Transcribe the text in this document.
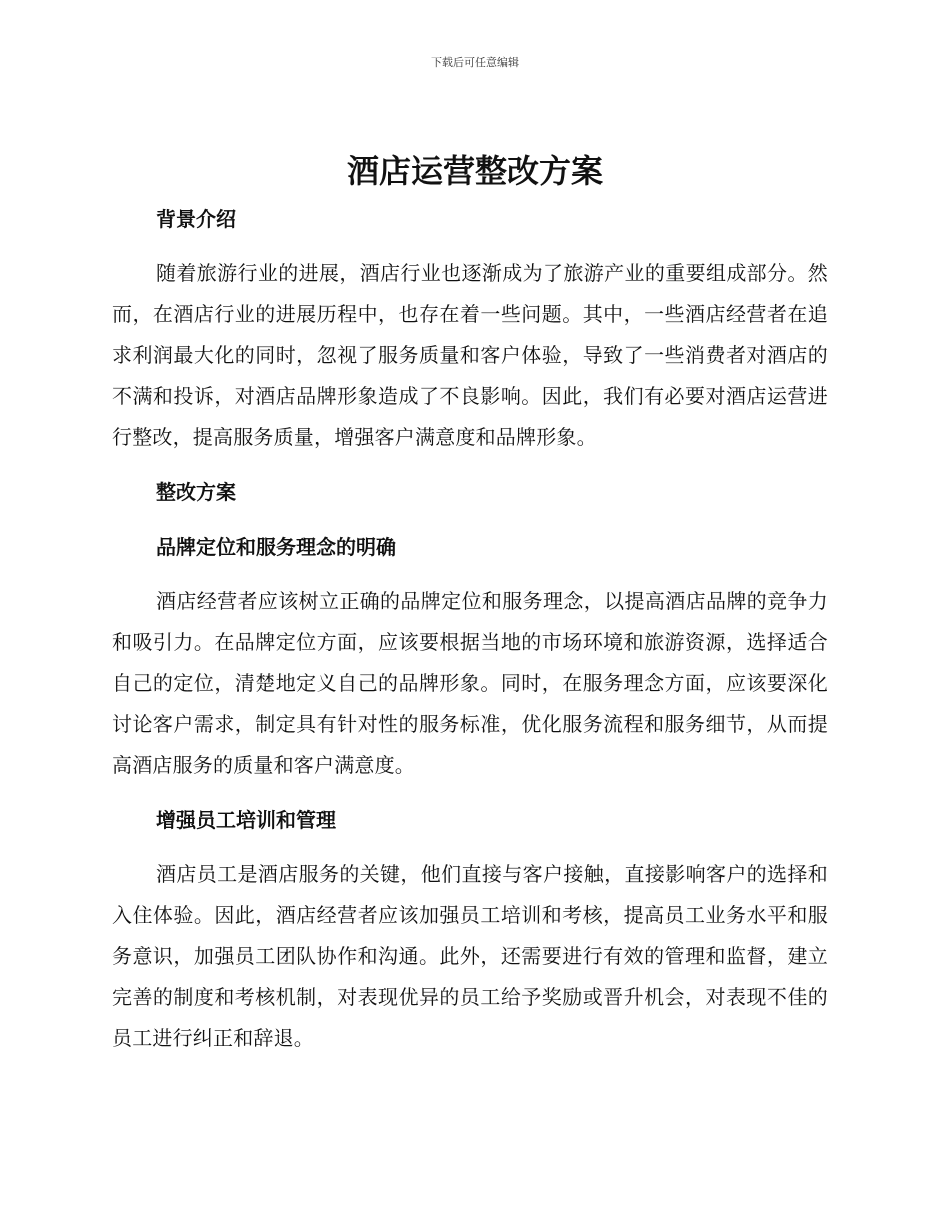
下载后可任意编辑
酒店运营整改方案
背景介绍

随着旅游行业的进展，酒店行业也逐渐成为了旅游产业的重要组成部分。然而，在酒店行业的进展历程中，也存在着一些问题。其中，一些酒店经营者在追求利润最大化的同时，忽视了服务质量和客户体验，导致了一些消费者对酒店的不满和投诉，对酒店品牌形象造成了不良影响。因此，我们有必要对酒店运营进行整改，提高服务质量，增强客户满意度和品牌形象。

整改方案
品牌定位和服务理念的明确

酒店经营者应该树立正确的品牌定位和服务理念，以提高酒店品牌的竞争力和吸引力。在品牌定位方面，应该要根据当地的市场环境和旅游资源，选择适合自己的定位，清楚地定义自己的品牌形象。同时，在服务理念方面，应该要深化讨论客户需求，制定具有针对性的服务标准，优化服务流程和服务细节，从而提高酒店服务的质量和客户满意度。

增强员工培训和管理

酒店员工是酒店服务的关键，他们直接与客户接触，直接影响客户的选择和入住体验。因此，酒店经营者应该加强员工培训和考核，提高员工业务水平和服务意识，加强员工团队协作和沟通。此外，还需要进行有效的管理和监督，建立完善的制度和考核机制，对表现优异的员工给予奖励或晋升机会，对表现不佳的员工进行纠正和辞退。
